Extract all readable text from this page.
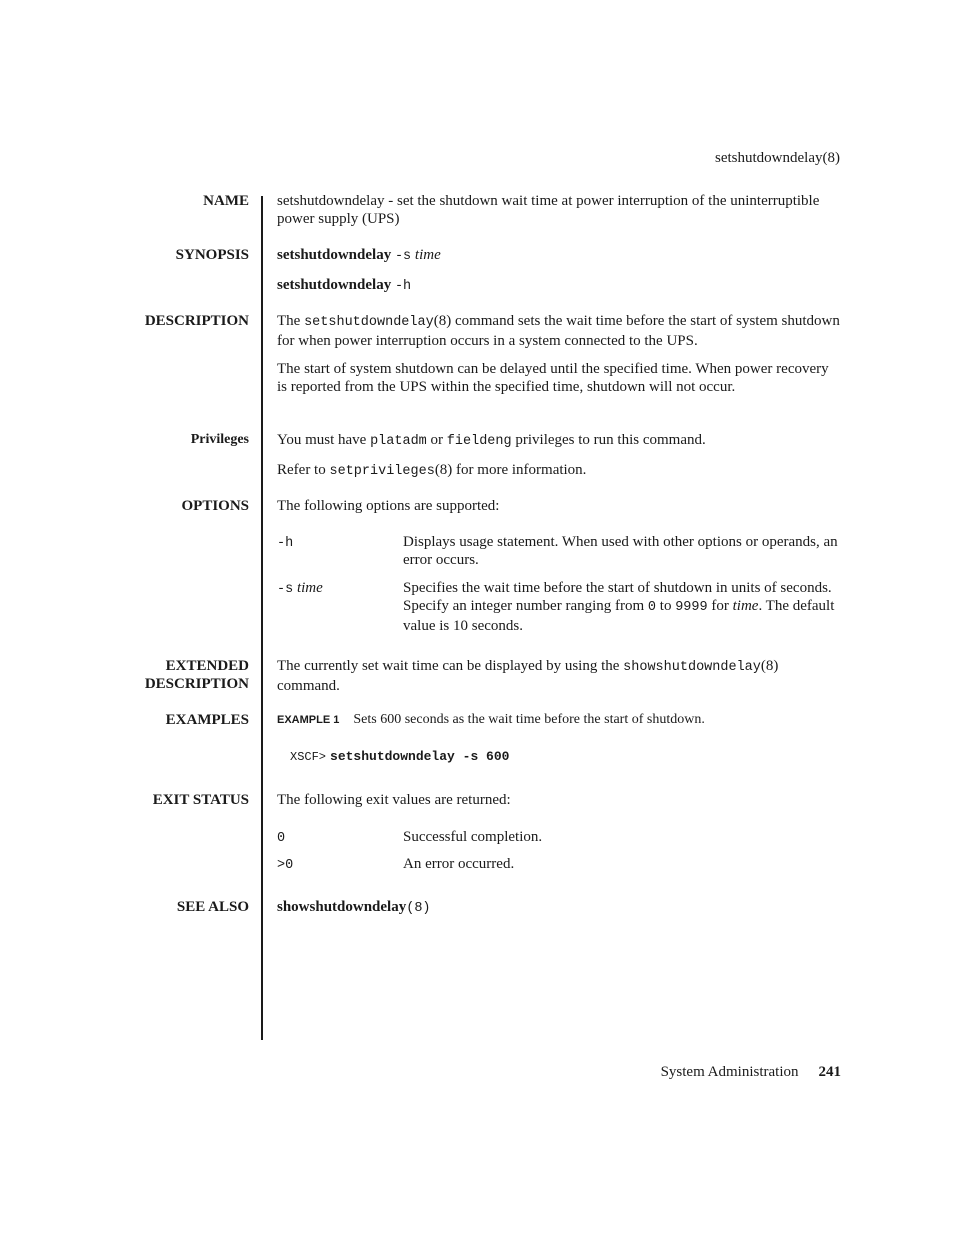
setshutdowndelay(8)
NAME setshutdowndelay - set the shutdown wait time at power interruption of the uninterruptible power supply (UPS)
SYNOPSIS setshutdowndelay -s time
setshutdowndelay -h
DESCRIPTION The setshutdowndelay(8) command sets the wait time before the start of system shutdown for when power interruption occurs in a system connected to the UPS.
The start of system shutdown can be delayed until the specified time. When power recovery is reported from the UPS within the specified time, shutdown will not occur.
Privileges You must have platadm or fieldeng privileges to run this command.
Refer to setprivileges(8) for more information.
OPTIONS The following options are supported:
-h	Displays usage statement. When used with other options or operands, an error occurs.
-s time	Specifies the wait time before the start of shutdown in units of seconds. Specify an integer number ranging from 0 to 9999 for time. The default value is 10 seconds.
EXTENDED
DESCRIPTION
The currently set wait time can be displayed by using the showshutdowndelay(8) command.
EXAMPLES	EXAMPLE 1 Sets 600 seconds as the wait time before the start of shutdown.
XSCF> setshutdowndelay -s 600
EXIT STATUS The following exit values are returned:
0	Successful completion.
>0	An error occurred.
SEE ALSO showshutdowndelay(8)
System Administration 241
